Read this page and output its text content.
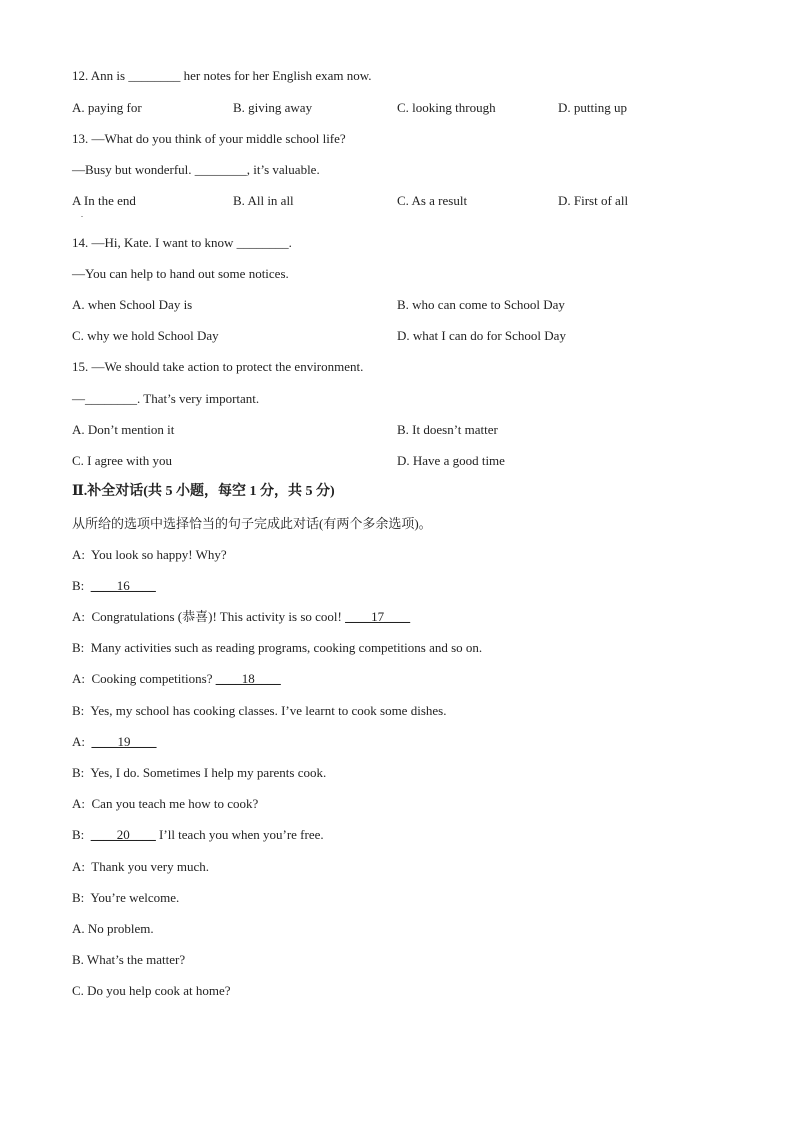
12. Ann is ________ her notes for her English exam now.
A. paying for	B. giving away	C. looking through	D. putting up
13. —What do you think of your middle school life?
—Busy but wonderful. ________, it’s valuable.
A In the end
.
B. All in all	C. As a result	D. First of all
14. —Hi, Kate. I want to know ________.
—You can help to hand out some notices.
A. when School Day is	B. who can come to School Day
C. why we hold School Day	D. what I can do for School Day
15. —We should take action to protect the environment.
—________. That’s very important.
A. Don’t mention it	B. It doesn’t matter
C. I agree with you	D. Have a good time
Ⅱ.补全对话(共 5 小题，每空 1 分，共 5 分)
从所给的选项中选择恰当的句子完成此对话(有两个多余选项)。
A: You look so happy! Why?
B: ____16____
A: Congratulations (恭喜)! This activity is so cool! ____17____
B: Many activities such as reading programs, cooking competitions and so on.
A: Cooking competitions? ____18____
B: Yes, my school has cooking classes. I’ve learnt to cook some dishes.
A: ____19____
B: Yes, I do. Sometimes I help my parents cook.
A: Can you teach me how to cook?
B: ____20____ I’ll teach you when you’re free.
A: Thank you very much.
B: You’re welcome.
A. No problem.
B. What’s the matter?
C. Do you help cook at home?
